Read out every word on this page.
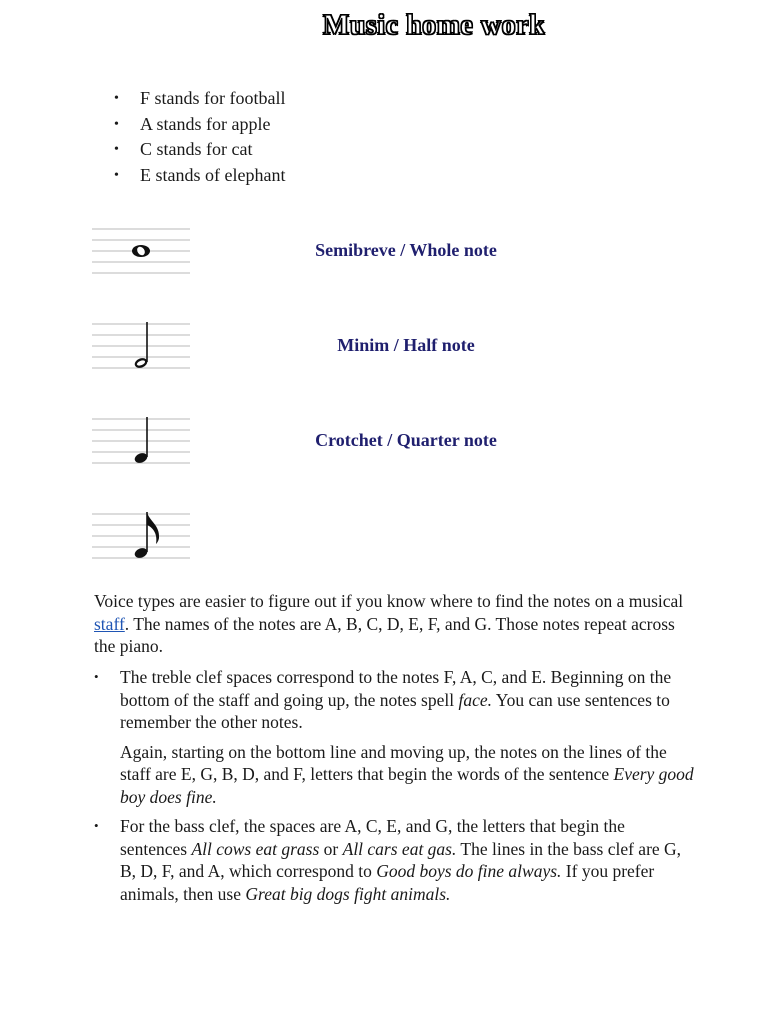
Music home work
• F stands for football
• A stands for apple
• C stands for cat
• E stands of elephant
Semibreve / Whole note
Minim / Half note
Crotchet / Quarter note

Voice types are easier to figure out if you know where to find the notes on a musical staff. The names of the notes are A, B, C, D, E, F, and G. Those notes repeat across the piano.

• The treble clef spaces correspond to the notes F, A, C, and E. Beginning on the bottom of the staff and going up, the notes spell face. You can use sentences to remember the other notes.

Again, starting on the bottom line and moving up, the notes on the lines of the staff are E, G, B, D, and F, letters that begin the words of the sentence Every good boy does fine.

• For the bass clef, the spaces are A, C, E, and G, the letters that begin the sentences All cows eat grass or All cars eat gas. The lines in the bass clef are G, B, D, F, and A, which correspond to Good boys do fine always. If you prefer animals, then use Great big dogs fight animals.
